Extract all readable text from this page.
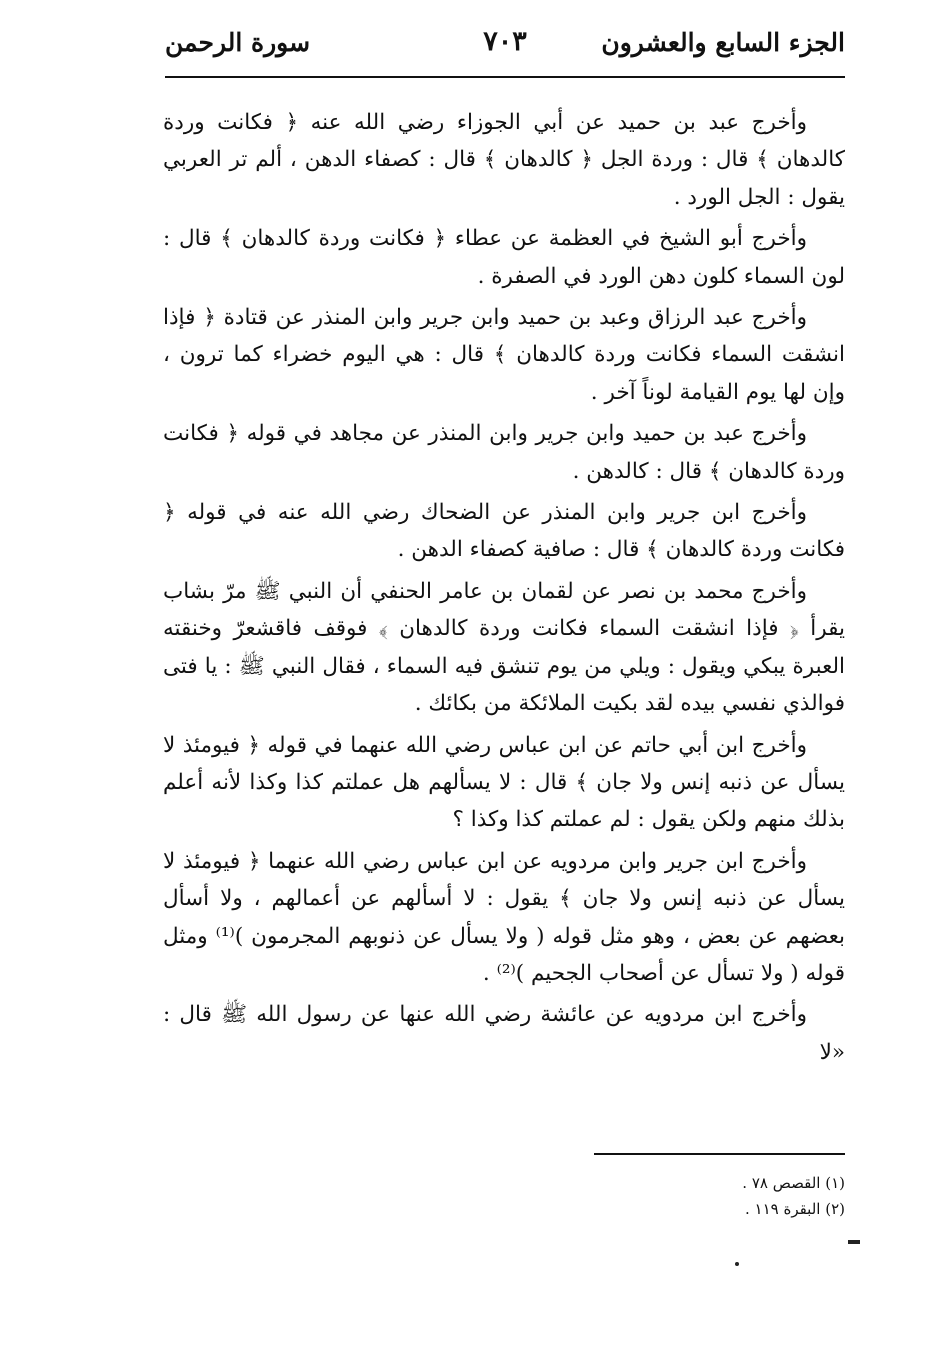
الجزء السابع والعشرون
٧٠٣
سورة الرحمن

وأخرج عبد بن حميد عن أبي الجوزاء رضي الله عنه ﴿ فكانت وردة كالدهان ﴾ قال : وردة الجل ﴿ كالدهان ﴾ قال : كصفاء الدهن ، ألم تر العربي يقول : الجل الورد .

وأخرج أبو الشيخ في العظمة عن عطاء ﴿ فكانت وردة كالدهان ﴾ قال : لون السماء كلون دهن الورد في الصفرة .

وأخرج عبد الرزاق وعبد بن حميد وابن جرير وابن المنذر عن قتادة ﴿ فإذا انشقت السماء فكانت وردة كالدهان ﴾ قال : هي اليوم خضراء كما ترون ، وإن لها يوم القيامة لوناً آخر .

وأخرج عبد بن حميد وابن جرير وابن المنذر عن مجاهد في قوله ﴿ فكانت وردة كالدهان ﴾ قال : كالدهن .

وأخرج ابن جرير وابن المنذر عن الضحاك رضي الله عنه في قوله ﴿ فكانت وردة كالدهان ﴾ قال : صافية كصفاء الدهن .

وأخرج محمد بن نصر عن لقمان بن عامر الحنفي أن النبي ﷺ مرّ بشاب يقرأ ﴿ فإذا انشقت السماء فكانت وردة كالدهان ﴾ فوقف فاقشعرّ وخنقته العبرة يبكي ويقول : ويلي من يوم تنشق فيه السماء ، فقال النبي ﷺ : يا فتى فوالذي نفسي بيده لقد بكيت الملائكة من بكائك .

وأخرج ابن أبي حاتم عن ابن عباس رضي الله عنهما في قوله ﴿ فيومئذ لا يسأل عن ذنبه إنس ولا جان ﴾ قال : لا يسألهم هل عملتم كذا وكذا لأنه أعلم بذلك منهم ولكن يقول : لم عملتم كذا وكذا ؟

وأخرج ابن جرير وابن مردويه عن ابن عباس رضي الله عنهما ﴿ فيومئذ لا يسأل عن ذنبه إنس ولا جان ﴾ يقول : لا أسألهم عن أعمالهم ، ولا أسأل بعضهم عن بعض ، وهو مثل قوله ( ولا يسأل عن ذنوبهم المجرمون )⁽¹⁾ ومثل قوله ( ولا تسأل عن أصحاب الجحيم )⁽²⁾ .

وأخرج ابن مردويه عن عائشة رضي الله عنها عن رسول الله ﷺ قال : «لا

(١) القصص ٧٨ .

(٢) البقرة ١١٩ .
